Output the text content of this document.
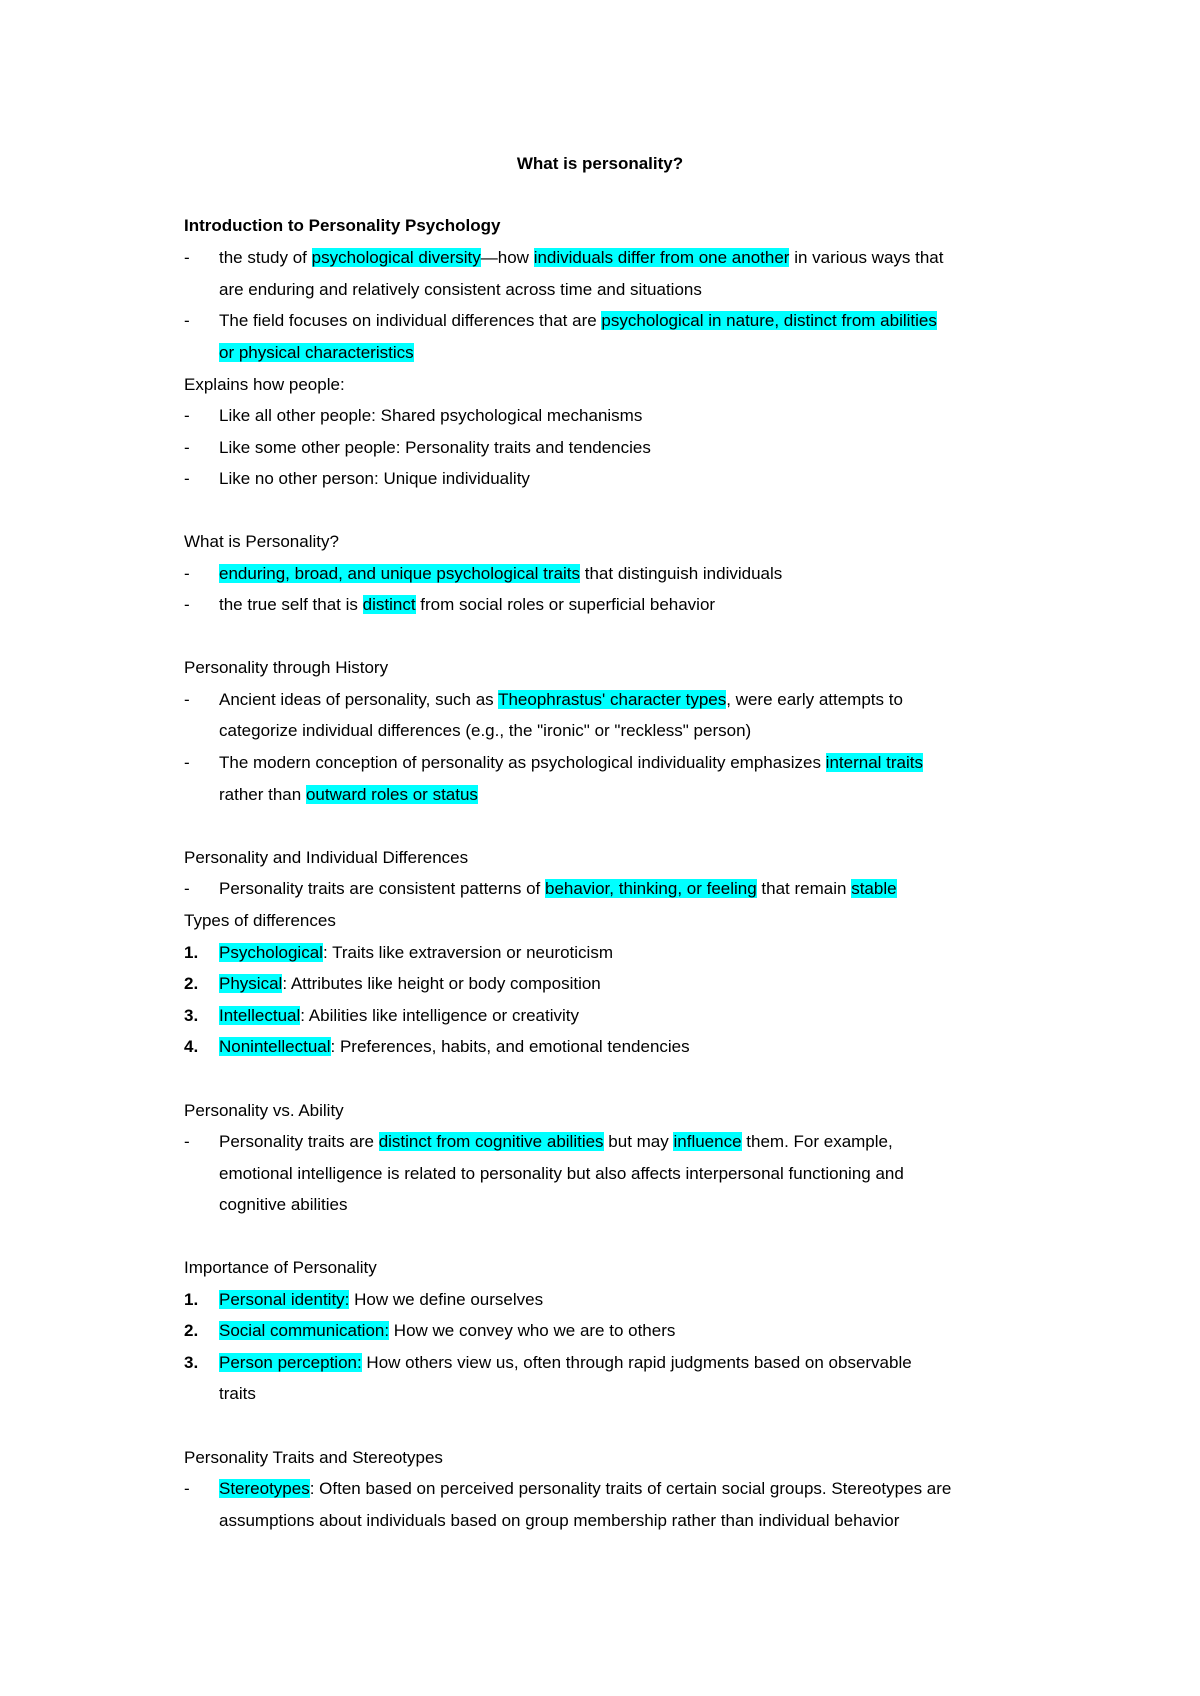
What is personality?
Introduction to Personality Psychology
-	the study of psychological diversity—how individuals differ from one another in various ways that
are enduring and relatively consistent across time and situations
-	The field focuses on individual differences that are psychological in nature, distinct from abilities
or physical characteristics
Explains how people:
-	Like all other people: Shared psychological mechanisms
-	Like some other people: Personality traits and tendencies
-	Like no other person: Unique individuality
What is Personality?
-	enduring, broad, and unique psychological traits that distinguish individuals
-	the true self that is distinct from social roles or superficial behavior
Personality through History
-	Ancient ideas of personality, such as Theophrastus' character types, were early attempts to
categorize individual differences (e.g., the "ironic" or "reckless" person)
-	The modern conception of personality as psychological individuality emphasizes internal traits
rather than outward roles or status
Personality and Individual Differences
-	Personality traits are consistent patterns of behavior, thinking, or feeling that remain stable
Types of differences
1.	Psychological: Traits like extraversion or neuroticism
2.	Physical: Attributes like height or body composition
3.	Intellectual: Abilities like intelligence or creativity
4.	Nonintellectual: Preferences, habits, and emotional tendencies
Personality vs. Ability
-	Personality traits are distinct from cognitive abilities but may influence them. For example,
emotional intelligence is related to personality but also affects interpersonal functioning and
cognitive abilities
Importance of Personality
1.	Personal identity: How we define ourselves
2.	Social communication: How we convey who we are to others
3.	Person perception: How others view us, often through rapid judgments based on observable
traits
Personality Traits and Stereotypes
-	Stereotypes: Often based on perceived personality traits of certain social groups. Stereotypes are
assumptions about individuals based on group membership rather than individual behavior
